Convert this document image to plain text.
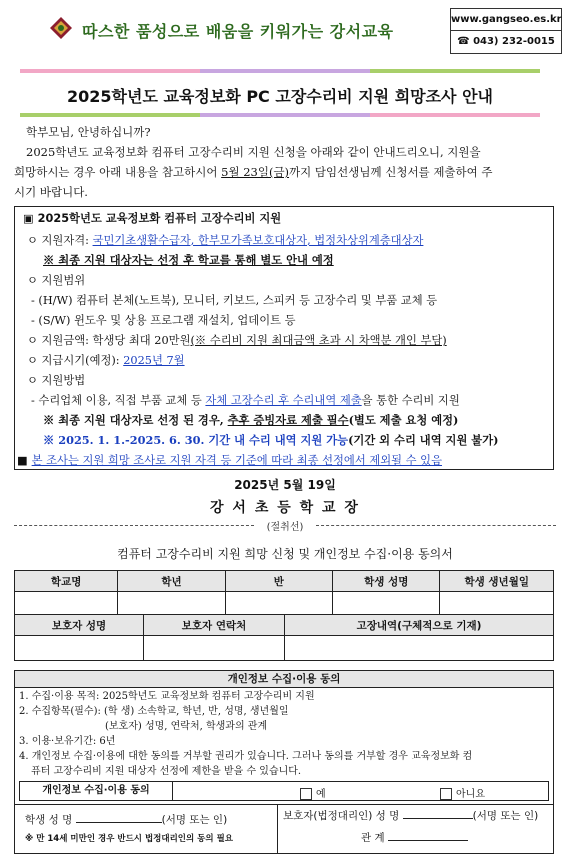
따스한 품성으로 배움을 키워가는 강서교육
www.gangseo.es.kr
☎ 043) 232-0015
2025학년도 교육정보화 PC 고장수리비 지원 희망조사 안내
학부모님, 안녕하십니까?
2025학년도 교육정보화 컴퓨터 고장수리비 지원 신청을 아래와 같이 안내드리오니, 지원을
희망하시는 경우 아래 내용을 참고하시어 5월 23일(금)까지 담임선생님께 신청서를 제출하여 주
시기 바랍니다.
▣ 2025학년도 교육정보화 컴퓨터 고장수리비 지원
ㅇ 지원자격: 국민기초생활수급자, 한부모가족보호대상자, 법정차상위계층대상자
※ 최종 지원 대상자는 선정 후 학교를 통해 별도 안내 예정
ㅇ 지원범위
- (H/W) 컴퓨터 본체(노트북), 모니터, 키보드, 스피커 등 고장수리 및 부품 교체 등
- (S/W) 윈도우 및 상용 프로그램 재설치, 업데이트 등
ㅇ 지원금액: 학생당 최대 20만원(※ 수리비 지원 최대금액 초과 시 차액분 개인 부담)
ㅇ 지급시기(예정): 2025년 7월
ㅇ 지원방법
- 수리업체 이용, 직접 부품 교체 등 자체 고장수리 후 수리내역 제출을 통한 수리비 지원
※ 최종 지원 대상자로 선정 된 경우, 추후 증빙자료 제출 필수(별도 제출 요청 예정)
※ 2025. 1. 1.-2025. 6. 30. 기간 내 수리 내역 지원 가능(기간 외 수리 내역 지원 불가)
■ 본 조사는 지원 희망 조사로 지원 자격 등 기준에 따라 최종 선정에서 제외될 수 있음
2025년 5월 19일
강 서 초 등 학 교 장
(절취선)
컴퓨터 고장수리비 지원 희망 신청 및 개인정보 수집·이용 동의서
학교명	학년	반	학생 성명	학생 생년월일

보호자 성명	보호자 연락처	고장내역(구체적으로 기재)

개인정보 수집·이용 동의
1. 수집·이용 목적: 2025학년도 교육정보화 컴퓨터 고장수리비 지원
2. 수집항목(필수): (학 생) 소속학교, 학년, 반, 성명, 생년월일
(보호자) 성명, 연락처, 학생과의 관계
3. 이용·보유기간: 6년
4. 개인정보 수집·이용에 대한 동의를 거부할 권리가 있습니다. 그러나 동의를 거부할 경우 교육정보화 컴
퓨터 고장수리비 지원 대상자 선정에 제한을 받을 수 있습니다.
개인정보 수집·이용 동의	예	아니요
학생 성 명	(서명 또는 인)
※ 만 14세 미만인 경우 반드시 법정대리인의 동의 필요
보호자(법정대리인) 성 명	(서명 또는 인)
관 계
